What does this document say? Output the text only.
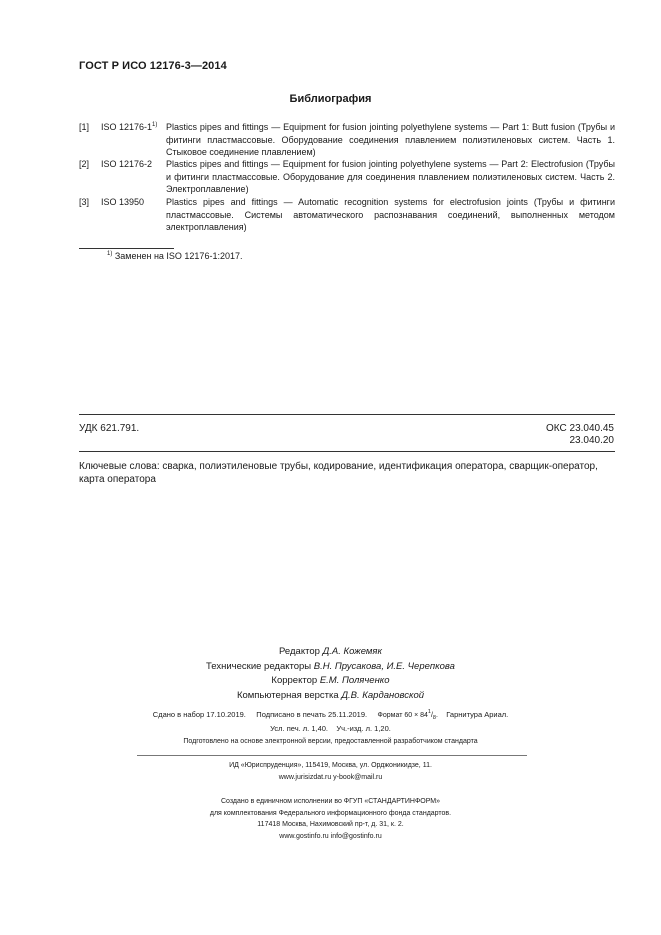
ГОСТ Р ИСО 12176-3—2014
Библиография
[1] ISO 12176-1$^{1)}$ Plastics pipes and fittings — Equipment for fusion jointing polyethylene systems — Part 1: Butt fusion (Трубы и фитинги пластмассовые. Оборудование соединения плавлением полиэтиленовых систем. Часть 1. Стыковое соединение плавлением)
[2] ISO 12176-2 Plastics pipes and fittings — Equipment for fusion jointing polyethylene systems — Part 2: Electrofusion (Трубы и фитинги пластмассовые. Оборудование для соединения плавлением полиэтиленовых систем. Часть 2. Электроплавление)
[3] ISO 13950 Plastics pipes and fittings — Automatic recognition systems for electrofusion joints (Трубы и фитинги пластмассовые. Системы автоматического распознавания соединений, выполненных методом электроплавления)
$^{1)}$ Заменен на ISO 12176-1:2017.
УДК 621.791.	ОКС 23.040.45
23.040.20
Ключевые слова: сварка, полиэтиленовые трубы, кодирование, идентификация оператора, сварщик-оператор, карта оператора
Редактор Д.А. Кожемяк
Технические редакторы В.Н. Прусакова, И.Е. Черепкова
Корректор Е.М. Поляченко
Компьютерная верстка Д.В. Кардановской
Сдано в набор 17.10.2019. Подписано в печать 25.11.2019. Формат $60 \times 84^1/_8$. Гарнитура Ариал.
Усл. печ. л. 1,40. Уч.-изд. л. 1,20.
Подготовлено на основе электронной версии, предоставленной разработчиком стандарта
ИД «Юриспруденция», 115419, Москва, ул. Орджоникидзе, 11.
www.jurisizdat.ru y-book@mail.ru
Создано в единичном исполнении во ФГУП «СТАНДАРТИНФОРМ»
для комплектования Федерального информационного фонда стандартов.
117418 Москва, Нахимовский пр-т, д. 31, к. 2.
www.gostinfo.ru info@gostinfo.ru
